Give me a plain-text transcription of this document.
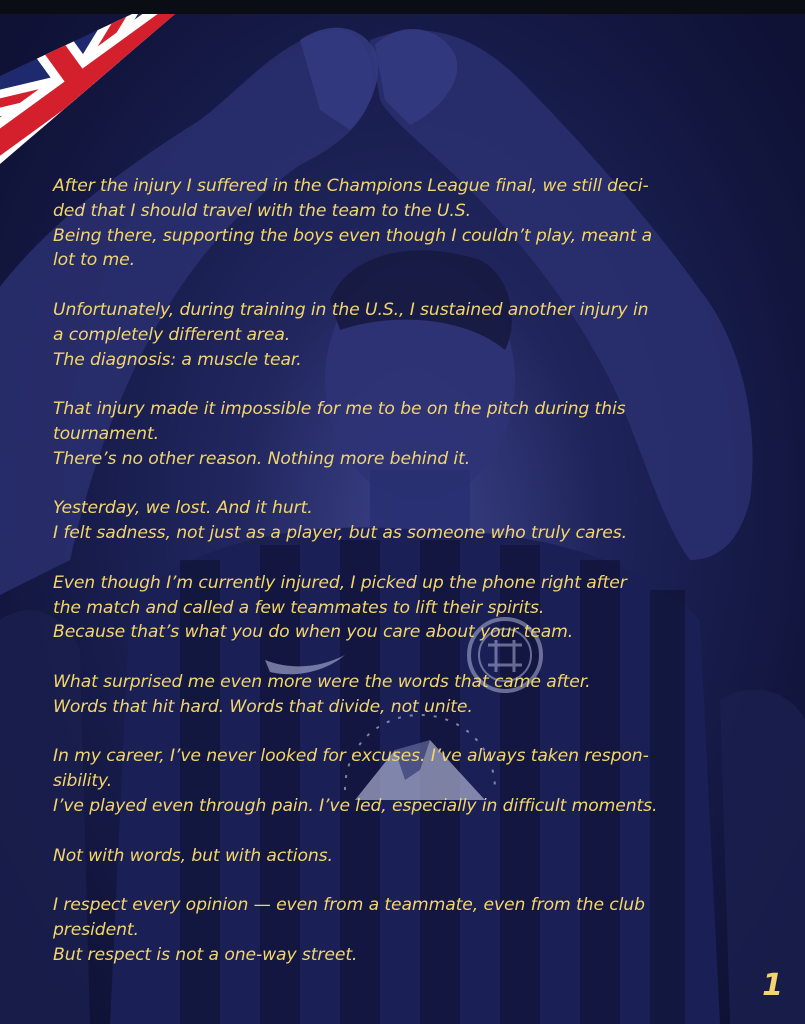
After the injury I suffered in the Champions League final, we still deci-
ded that I should travel with the team to the U.S.
Being there, supporting the boys even though I couldn’t play, meant a
lot to me.

Unfortunately, during training in the U.S., I sustained another injury in
a completely different area.
The diagnosis: a muscle tear.

That injury made it impossible for me to be on the pitch during this
tournament.
There’s no other reason. Nothing more behind it.

Yesterday, we lost. And it hurt.
I felt sadness, not just as a player, but as someone who truly cares.

Even though I’m currently injured, I picked up the phone right after
the match and called a few teammates to lift their spirits.
Because that’s what you do when you care about your team.

What surprised me even more were the words that came after.
Words that hit hard. Words that divide, not unite.

In my career, I’ve never looked for excuses. I’ve always taken respon-
sibility.
I’ve played even through pain. I’ve led, especially in difficult moments.

Not with words, but with actions.

I respect every opinion — even from a teammate, even from the club
president.
But respect is not a one-way street.

1
